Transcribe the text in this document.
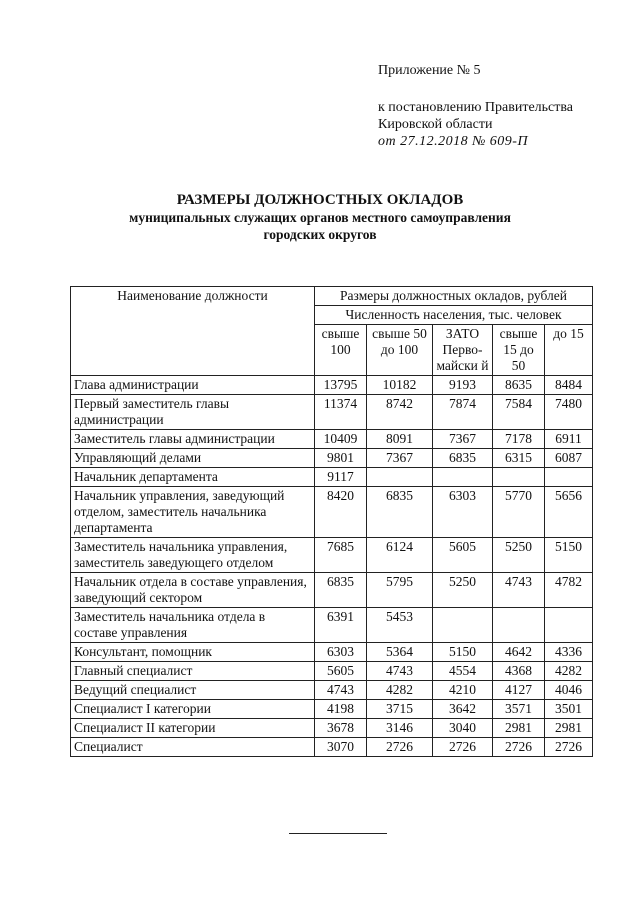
Приложение № 5
к постановлению Правительства
Кировской области
от 27.12.2018 № 609-П
РАЗМЕРЫ ДОЛЖНОСТНЫХ ОКЛАДОВ
муниципальных служащих органов местного самоуправления
городских округов
Наименование должности	Размеры должностных окладов, рублей				
	Численность населения, тыс. человек				
	свыше 100	свыше 50 до 100	ЗАТО Перво-майски й	свыше 15 до 50	до 15
Глава администрации	13795	10182	9193	8635	8484
Первый заместитель главы администрации	11374	8742	7874	7584	7480
Заместитель главы администрации	10409	8091	7367	7178	6911
Управляющий делами	9801	7367	6835	6315	6087
Начальник департамента	9117				
Начальник управления, заведующий отделом, заместитель начальника департамента	8420	6835	6303	5770	5656
Заместитель начальника управления, заместитель заведующего отделом	7685	6124	5605	5250	5150
Начальник отдела в составе управления, заведующий сектором	6835	5795	5250	4743	4782
Заместитель начальника отдела в составе управления	6391	5453			
Консультант, помощник	6303	5364	5150	4642	4336
Главный специалист	5605	4743	4554	4368	4282
Ведущий специалист	4743	4282	4210	4127	4046
Специалист I категории	4198	3715	3642	3571	3501
Специалист II категории	3678	3146	3040	2981	2981
Специалист	3070	2726	2726	2726	2726
